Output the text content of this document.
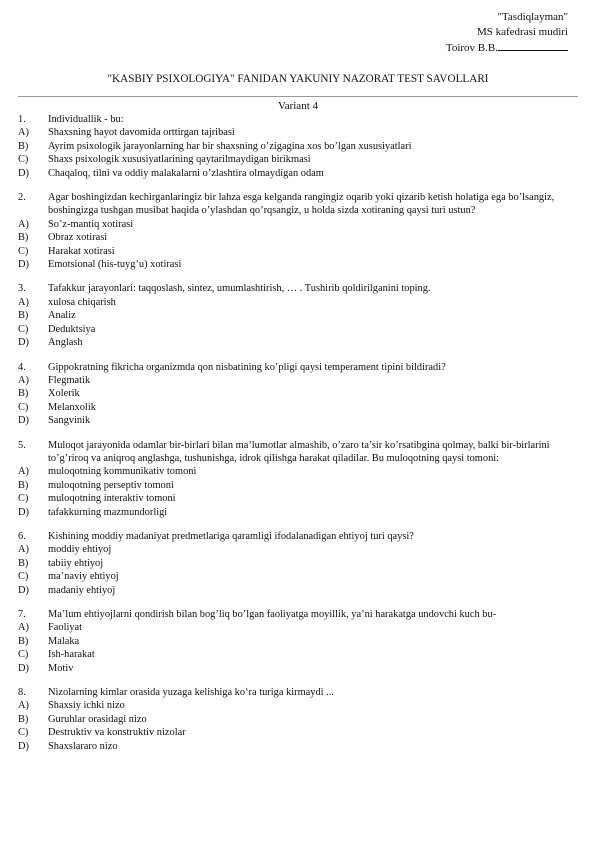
"Tasdiqlayman"
MS kafedrasi mudiri
Toirov B.B.
"KASBIY PSIXOLOGIYA" FANIDAN YAKUNIY NAZORAT TEST SAVOLLARI
Variant 4
1.	Individuallik - bu:
A)	Shaxsning hayot davomida orttirgan tajribasi
B)	Ayrim psixologik jarayonlarning har bir shaxsning o’zigagina xos bo’lgan xususiyatlari
C)	Shaxs psixologik xususiyatlarining qaytarilmaydigan birikmasi
D)	Chaqaloq, tilni va oddiy malakalarni o’zlashtira olmaydigan odam
2.	Agar boshingizdan kechirganlaringiz bir lahza esga kelganda rangingiz oqarib yoki qizarib ketish holatiga ega bo’lsangiz, boshingizga tushgan musibat haqida o’ylashdan qo’rqsangiz, u holda sizda xotiraning qaysi turi ustun?
A)	So’z-mantiq xotirasi
B)	Obraz xotirasi
C)	Harakat xotirasi
D)	Emotsional (his-tuyg’u) xotirasi
3.	Tafakkur jarayonlari: taqqoslash, sintez, umumlashtirish, … . Tushirib qoldirilganini toping.
A)	xulosa chiqarish
B)	Analiz
C)	Deduktsiya
D)	Anglash
4.	Gippokratning fikricha organizmda qon nisbatining ko’pligi qaysi temperament tipini bildiradi?
A)	Flegmatik
B)	Xolerik
C)	Melanxolik
D)	Sangvinik
5.	Muloqot jarayonida odamlar bir-birlari bilan ma’lumotlar almashib, o’zaro ta’sir ko’rsatibgina qolmay, balki bir-birlarini to’g’riroq va aniqroq anglashga, tushunishga, idrok qilishga harakat qiladilar. Bu muloqotning qaysi tomoni:
A)	muloqotning kommunikativ tomoni
B)	muloqotning perseptiv tomoni
C)	muloqotning interaktiv tomoni
D)	tafakkurning mazmundorligi
6.	Kishining moddiy madaniyat predmetlariga qaramligi ifodalanadigan ehtiyoj turi qaysi?
A)	moddiy ehtiyoj
B)	tabiiy ehtiyoj
C)	ma’naviy ehtiyoj
D)	madaniy ehtiyoj
7.	Ma’lum ehtiyojlarni qondirish bilan bog’liq bo’lgan faoliyatga moyillik, ya’ni harakatga undovchi kuch bu-
A)	Faoliyat
B)	Malaka
C)	Ish-harakat
D)	Motiv
8.	Nizolarning kimlar orasida yuzaga kelishiga ko‘ra turiga kirmaydi ...
A)	Shaxsiy ichki nizo
B)	Guruhlar orasidagi nizo
C)	Destruktiv va konstruktiv nizolar
D)	Shaxslararo nizo
